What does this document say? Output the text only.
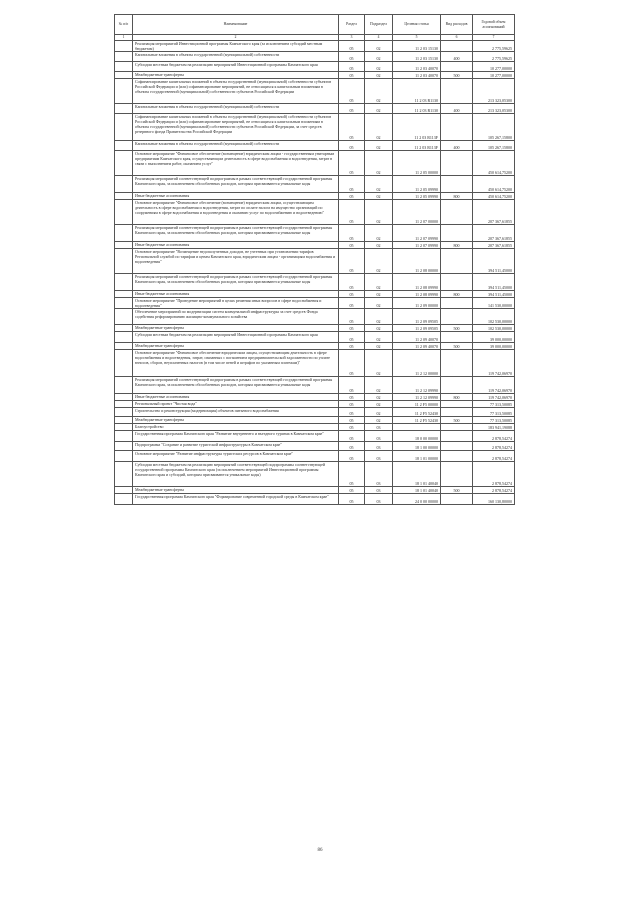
№ п/п	Наименование	Раздел	Подраздел	Целевая статья	Вид расходов	Годовой объем ассигнований
1	2	3	4	5	6	7
	Реализация мероприятий Инвестиционной программы Камчатского края (за исключением субсидий местным бюджетам)	05	02	11 2 03 15130		2 775,59625
	Капитальные вложения в объекты государственной (муниципальной) собственности	05	02	11 2 03 15130	400	2 775,59625
	Субсидии местным бюджетам на реализацию мероприятий Инвестиционной программы Камчатского края	05	02	11 2 03 40070		10 277,00000
	Межбюджетные трансферты	05	02	11 2 03 40070	500	10 277,00000
	Софинансирование капитальных вложений в объекты государственной (муниципальной) собственности субъектов Российской Федерации и (или) софинансирование мероприятий, не относящихся к капитальным вложениям в объекты государственной (муниципальной) собственности субъектов Российской Федерации	05	02	11 2 03 R1130		213 323,05300
	Капитальные вложения в объекты государственной (муниципальной) собственности	05	02	11 2 03 R1130	400	213 323,05300
	Софинансирование капитальных вложений в объекты государственной (муниципальной) собственности субъектов Российской Федерации и (или) софинансирование мероприятий, не относящихся к капитальным вложениям в объекты государственной (муниципальной) собственности субъектов Российской Федерации, за счет средств резервного фонда Правительства Российской Федерации	05	02	11 2 03 R113F		105 267,15800
	Капитальные вложения в объекты государственной (муниципальной) собственности	05	02	11 2 03 R113F	400	105 267,15800
	Основное мероприятие "Финансовое обеспечение (возмещение) юридическим лицам - государственным унитарным предприятиям Камчатского края, осуществляющим деятельность в сфере водоснабжения и водоотведения, затрат в связи с выполнением работ, оказанием услуг"	05	02	11 2 05 00000		450 614,75200
	Реализация мероприятий соответствующей подпрограммы в рамках соответствующей государственной программы Камчатского края, за исключением обособленных расходов, которым присваиваются уникальные коды	05	02	11 2 05 09990		450 614,75200
	Иные бюджетные ассигнования	05	02	11 2 05 09990	800	450 614,75200
	Основное мероприятие "Финансовое обеспечение (возмещение) юридическим лицам, осуществляющим деятельность в сфере водоснабжения и водоотведения, затрат по оплате налога на имущество организаций по сооружениям в сфере водоснабжения и водоотведения и оказанию услуг по водоснабжению и водоотведению"	05	02	11 2 07 00000		207 367,61855
	Реализация мероприятий соответствующей подпрограммы в рамках соответствующей государственной программы Камчатского края, за исключением обособленных расходов, которым присваиваются уникальные коды	05	02	11 2 07 09990		207 367,61855
	Иные бюджетные ассигнования	05	02	11 2 07 09990	800	207 367,61855
	Основное мероприятие "Возмещение недополученных доходов, не учтенных при установлении тарифов Региональной службой по тарифам и ценам Камчатского края, юридическим лицам - организациям водоснабжения и водоотведения"	05	02	11 2 08 00000		394 511,45000
	Реализация мероприятий соответствующей подпрограммы в рамках соответствующей государственной программы Камчатского края, за исключением обособленных расходов, которым присваиваются уникальные коды	05	02	11 2 08 09990		394 511,45000
	Иные бюджетные ассигнования	05	02	11 2 08 09990	800	394 511,45000
	Основное мероприятие "Проведение мероприятий в целях решения иных вопросов в сфере водоснабжения и водоотведения"	05	02	11 2 09 00000		141 530,00000
	Обеспечение мероприятий по модернизации систем коммунальной инфраструктуры за счет средств Фонда содействия реформированию жилищно-коммунального хозяйства	05	02	11 2 09 09505		102 530,00000
	Межбюджетные трансферты	05	02	11 2 09 09505	500	102 530,00000
	Субсидии местным бюджетам на реализацию мероприятий Инвестиционной программы Камчатского края	05	02	11 2 09 40070		39 000,00000
	Межбюджетные трансферты	05	02	11 2 09 40070	500	39 000,00000
	Основное мероприятие "Финансовое обеспечение юридическим лицам, осуществляющим деятельность в сфере водоснабжения и водоотведения, затрат, связанных с погашением предпринимательской задолженности по уплате взносов, сборов, неуплаченных налогов (в том числе пеней и штрафов по указанным платежам)"	05	02	11 2 12 00000		119 742,06970
	Реализация мероприятий соответствующей подпрограммы в рамках соответствующей государственной программы Камчатского края, за исключением обособленных расходов, которым присваиваются уникальные коды	05	02	11 2 12 09990		119 742,06970
	Иные бюджетные ассигнования	05	02	11 2 12 09990	800	119 742,06970
	Региональный проект "Чистая вода"	05	02	11 2 F5 00000		77 313,50085
	Строительство и реконструкция (модернизация) объектов питьевого водоснабжения	05	02	11 2 F5 52430		77 313,50085
	Межбюджетные трансферты	05	02	11 2 F5 52430	500	77 313,50085
	Благоустройство	05	03			183 941,19088
	Государственная программа Камчатского края "Развитие внутреннего и въездного туризма в Камчатском крае"	05	03	18 0 00 00000		2 878,54274
	Подпрограмма "Создание и развитие туристской инфраструктуры в Камчатском крае"	05	03	18 1 00 00000		2 878,54274
	Основное мероприятие "Развитие инфраструктуры туристских ресурсов в Камчатском крае"	05	03	18 1 01 00000		2 878,54274
	Субсидии местным бюджетам на реализацию мероприятий соответствующей подпрограммы соответствующей государственной программы Камчатского края (за исключением мероприятий Инвестиционной программы Камчатского края и субсидий, которым присваиваются уникальные коды)	05	03	18 1 01 40040		2 878,54274
	Межбюджетные трансферты	05	03	18 1 01 40040	500	2 878,54274
	Государственная программа Камчатского края "Формирование современной городской среды в Камчатском крае"	05	03	24 0 00 00000		160 130,80000
86
